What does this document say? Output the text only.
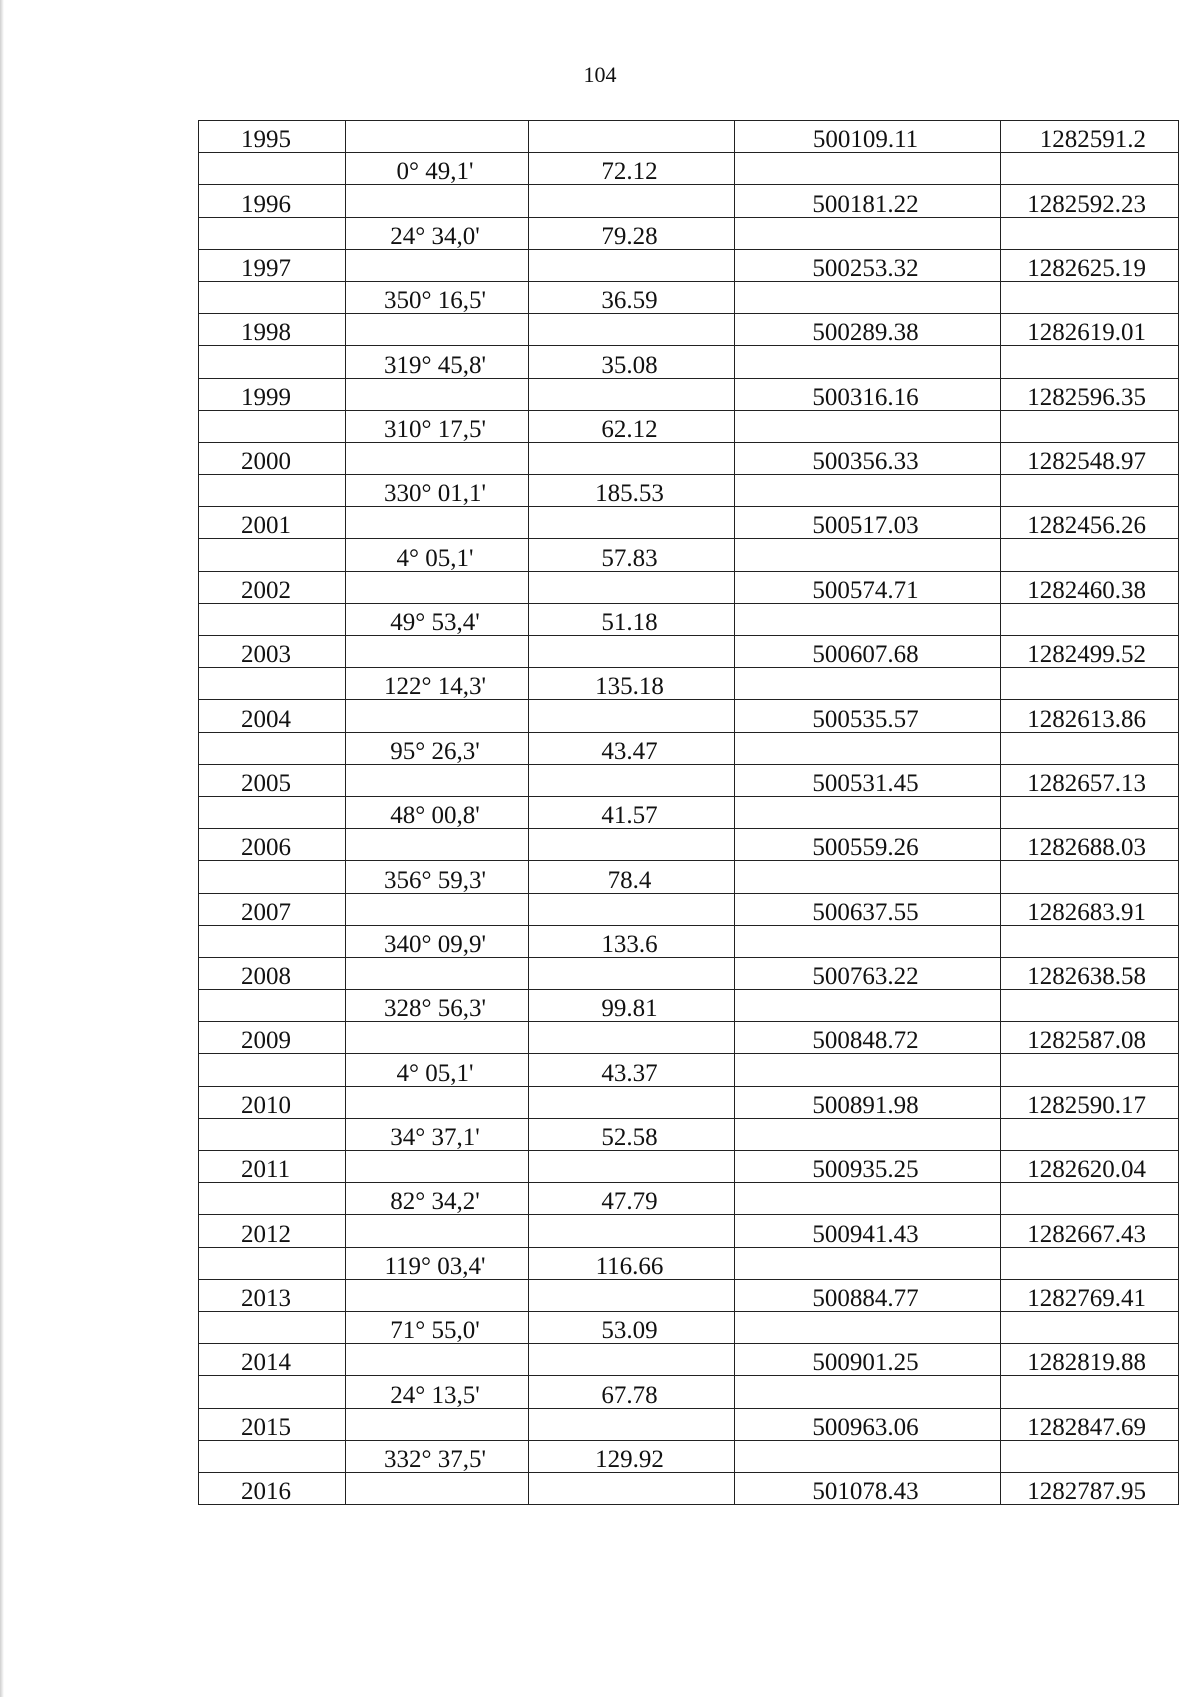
104
1995			500109.11	1282591.2
	0° 49,1'	72.12		
1996			500181.22	1282592.23
	24° 34,0'	79.28		
1997			500253.32	1282625.19
	350° 16,5'	36.59		
1998			500289.38	1282619.01
	319° 45,8'	35.08		
1999			500316.16	1282596.35
	310° 17,5'	62.12		
2000			500356.33	1282548.97
	330° 01,1'	185.53		
2001			500517.03	1282456.26
	4° 05,1'	57.83		
2002			500574.71	1282460.38
	49° 53,4'	51.18		
2003			500607.68	1282499.52
	122° 14,3'	135.18		
2004			500535.57	1282613.86
	95° 26,3'	43.47		
2005			500531.45	1282657.13
	48° 00,8'	41.57		
2006			500559.26	1282688.03
	356° 59,3'	78.4		
2007			500637.55	1282683.91
	340° 09,9'	133.6		
2008			500763.22	1282638.58
	328° 56,3'	99.81		
2009			500848.72	1282587.08
	4° 05,1'	43.37		
2010			500891.98	1282590.17
	34° 37,1'	52.58		
2011			500935.25	1282620.04
	82° 34,2'	47.79		
2012			500941.43	1282667.43
	119° 03,4'	116.66		
2013			500884.77	1282769.41
	71° 55,0'	53.09		
2014			500901.25	1282819.88
	24° 13,5'	67.78		
2015			500963.06	1282847.69
	332° 37,5'	129.92		
2016			501078.43	1282787.95
